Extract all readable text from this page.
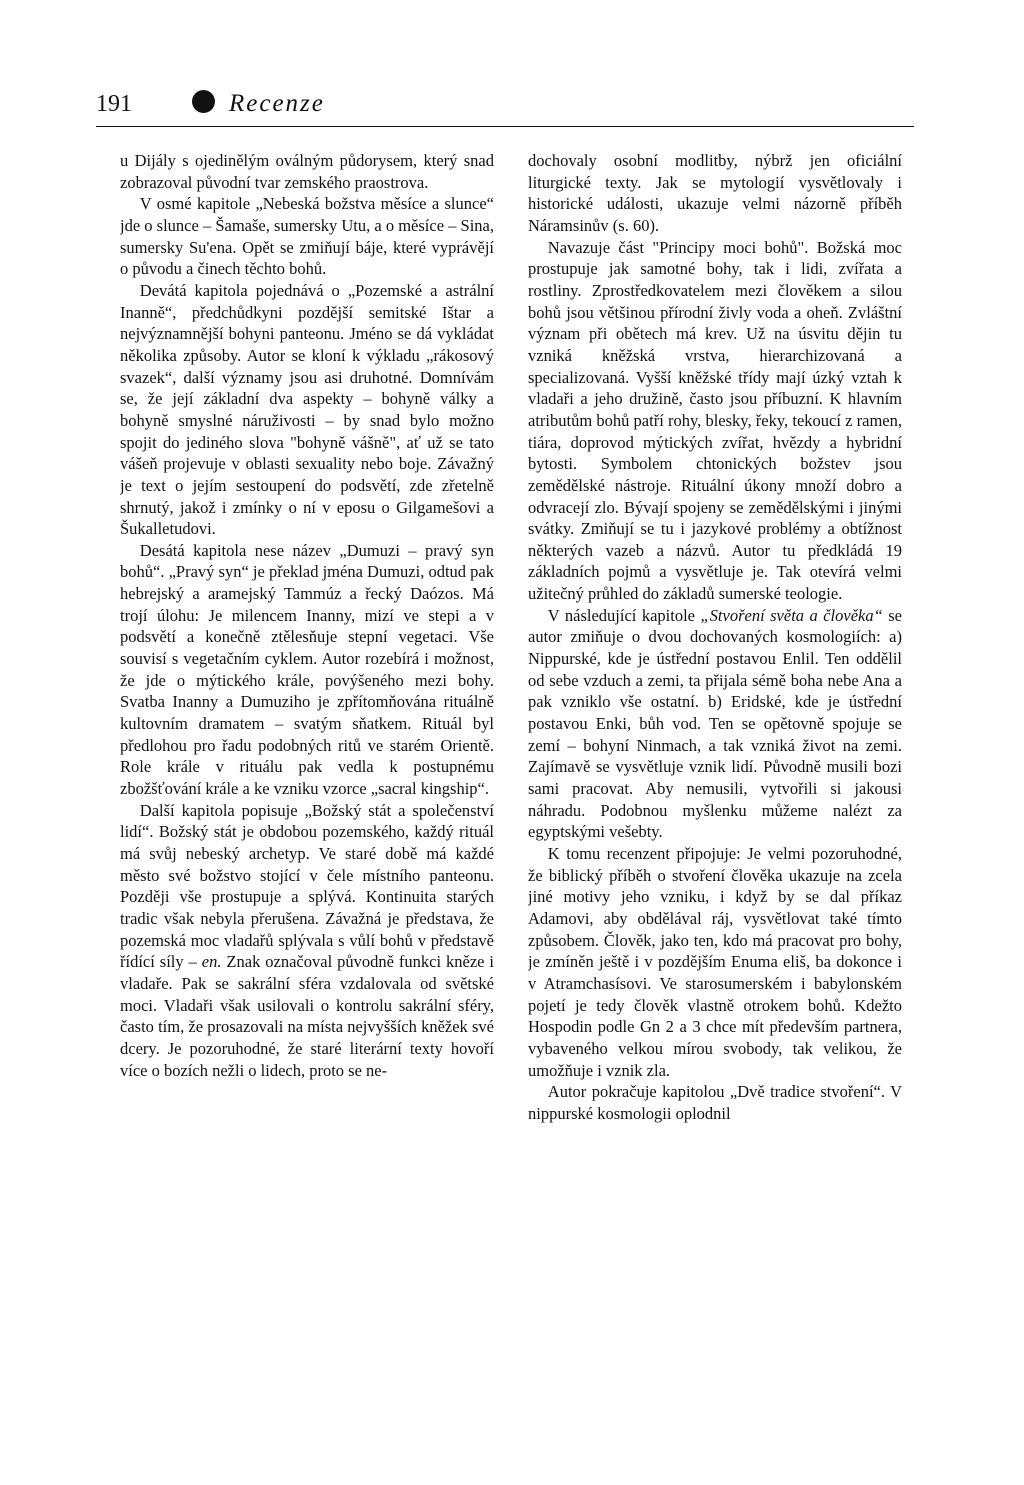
191	Recenze

u Dijály s ojedinělým oválným půdorysem, který snad zobrazoval původní tvar zemského praostrova.

V osmé kapitole „Nebeská božstva měsíce a slunce“ jde o slunce – Šamaše, sumersky Utu, a o měsíce – Sina, sumersky Su'ena. Opět se zmiňují báje, které vyprávějí o původu a činech těchto bohů.

Devátá kapitola pojednává o „Pozemské a astrální Inanně“, předchůdkyni pozdější semitské Ištar a nejvýznamnější bohyni panteonu. Jméno se dá vykládat několika způsoby. Autor se kloní k výkladu „rákosový svazek“, další významy jsou asi druhotné. Domnívám se, že její základní dva aspekty – bohyně války a bohyně smyslné náruživosti – by snad bylo možno spojit do jediného slova "bohyně vášně", ať už se tato vášeň projevuje v oblasti sexuality nebo boje. Závažný je text o jejím sestoupení do podsvětí, zde zřetelně shrnutý, jakož i zmínky o ní v eposu o Gilgamešovi a Šukalletudovi.

Desátá kapitola nese název „Dumuzi – pravý syn bohů“. „Pravý syn“ je překlad jména Dumuzi, odtud pak hebrejský a aramejský Tammúz a řecký Daózos. Má trojí úlohu: Je milencem Inanny, mizí ve stepi a v podsvětí a konečně ztělesňuje stepní vegetaci. Vše souvisí s vegetačním cyklem. Autor rozebírá i možnost, že jde o mýtického krále, povýšeného mezi bohy. Svatba Inanny a Dumuziho je zpřítomňována rituálně kultovním dramatem – svatým sňatkem. Rituál byl předlohou pro řadu podobných ritů ve starém Orientě. Role krále v rituálu pak vedla k postupnému zbožšťování krále a ke vzniku vzorce „sacral kingship“.

Další kapitola popisuje „Božský stát a společenství lidí“. Božský stát je obdobou pozemského, každý rituál má svůj nebeský archetyp. Ve staré době má každé město své božstvo stojící v čele místního panteonu. Později vše prostupuje a splývá. Kontinuita starých tradic však nebyla přerušena. Závažná je představa, že pozemská moc vladařů splývala s vůlí bohů v představě řídící síly – en. Znak označoval původně funkci kněze i vladaře. Pak se sakrální sféra vzdalovala od světské moci. Vladaři však usilovali o kontrolu sakrální sféry, často tím, že prosazovali na místa nejvyšších kněžek své dcery. Je pozoruhodné, že staré literární texty hovoří více o bozích nežli o lidech, proto se ne-

dochovaly osobní modlitby, nýbrž jen oficiální liturgické texty. Jak se mytologií vysvětlovaly i historické události, ukazuje velmi názorně příběh Náramsinův (s. 60).

Navazuje část "Principy moci bohů". Božská moc prostupuje jak samotné bohy, tak i lidi, zvířata a rostliny. Zprostředkovatelem mezi člověkem a silou bohů jsou většinou přírodní živly voda a oheň. Zvláštní význam při obětech má krev. Už na úsvitu dějin tu vzniká kněžská vrstva, hierarchizovaná a specializovaná. Vyšší kněžské třídy mají úzký vztah k vladaři a jeho družině, často jsou příbuzní. K hlavním atributům bohů patří rohy, blesky, řeky, tekoucí z ramen, tiára, doprovod mýtických zvířat, hvězdy a hybridní bytosti. Symbolem chtonických božstev jsou zemědělské nástroje. Rituální úkony množí dobro a odvracejí zlo. Bývají spojeny se zemědělskými i jinými svátky. Zmiňují se tu i jazykové problémy a obtížnost některých vazeb a názvů. Autor tu předkládá 19 základních pojmů a vysvětluje je. Tak otevírá velmi užitečný průhled do základů sumerské teologie.

V následující kapitole „Stvoření světa a člověka“ se autor zmiňuje o dvou dochovaných kosmologiích: a) Nippurské, kde je ústřední postavou Enlil. Ten oddělil od sebe vzduch a zemi, ta přijala sémě boha nebe Ana a pak vzniklo vše ostatní. b) Eridské, kde je ústřední postavou Enki, bůh vod. Ten se opětovně spojuje se zemí – bohyní Ninmach, a tak vzniká život na zemi. Zajímavě se vysvětluje vznik lidí. Původně musili bozi sami pracovat. Aby nemusili, vytvořili si jakousi náhradu. Podobnou myšlenku můžeme nalézt za egyptskými vešebty.

K tomu recenzent připojuje: Je velmi pozoruhodné, že biblický příběh o stvoření člověka ukazuje na zcela jiné motivy jeho vzniku, i když by se dal příkaz Adamovi, aby obdělával ráj, vysvětlovat také tímto způsobem. Člověk, jako ten, kdo má pracovat pro bohy, je zmíněn ještě i v pozdějším Enuma eliš, ba dokonce i v Atramchasísovi. Ve starosumerském i babylonském pojetí je tedy člověk vlastně otrokem bohů. Kdežto Hospodin podle Gn 2 a 3 chce mít především partnera, vybaveného velkou mírou svobody, tak velikou, že umožňuje i vznik zla.

Autor pokračuje kapitolou „Dvě tradice stvoření“. V nippurské kosmologii oplodnil
